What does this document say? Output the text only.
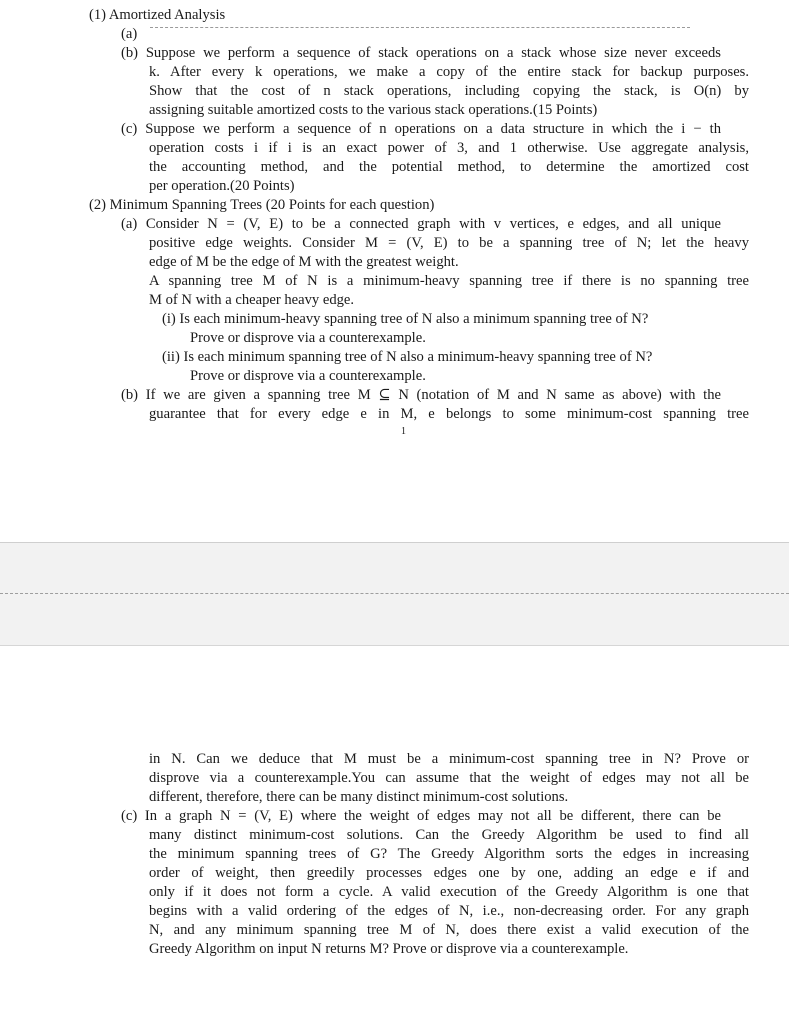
(1) Amortized Analysis
(a)
(b) Suppose we perform a sequence of stack operations on a stack whose size never exceeds
k. After every k operations, we make a copy of the entire stack for backup purposes.
Show that the cost of n stack operations, including copying the stack, is O(n) by
assigning suitable amortized costs to the various stack operations.(15 Points)
(c) Suppose we perform a sequence of n operations on a data structure in which the i − th
operation costs i if i is an exact power of 3, and 1 otherwise. Use aggregate analysis,
the accounting method, and the potential method, to determine the amortized cost
per operation.(20 Points)
(2) Minimum Spanning Trees (20 Points for each question)
(a) Consider N = (V, E) to be a connected graph with v vertices, e edges, and all unique
positive edge weights. Consider M = (V, E) to be a spanning tree of N; let the heavy
edge of M be the edge of M with the greatest weight.
A spanning tree M of N is a minimum-heavy spanning tree if there is no spanning tree
M of N with a cheaper heavy edge.
(i) Is each minimum-heavy spanning tree of N also a minimum spanning tree of N?
Prove or disprove via a counterexample.
(ii) Is each minimum spanning tree of N also a minimum-heavy spanning tree of N?
Prove or disprove via a counterexample.
(b) If we are given a spanning tree M ⊆ N (notation of M and N same as above) with the
guarantee that for every edge e in M, e belongs to some minimum-cost spanning tree
1
in N. Can we deduce that M must be a minimum-cost spanning tree in N? Prove or
disprove via a counterexample.You can assume that the weight of edges may not all be
different, therefore, there can be many distinct minimum-cost solutions.
(c) In a graph N = (V, E) where the weight of edges may not all be different, there can be
many distinct minimum-cost solutions. Can the Greedy Algorithm be used to find all
the minimum spanning trees of G? The Greedy Algorithm sorts the edges in increasing
order of weight, then greedily processes edges one by one, adding an edge e if and
only if it does not form a cycle. A valid execution of the Greedy Algorithm is one that
begins with a valid ordering of the edges of N, i.e., non-decreasing order. For any graph
N, and any minimum spanning tree M of N, does there exist a valid execution of the
Greedy Algorithm on input N returns M? Prove or disprove via a counterexample.
